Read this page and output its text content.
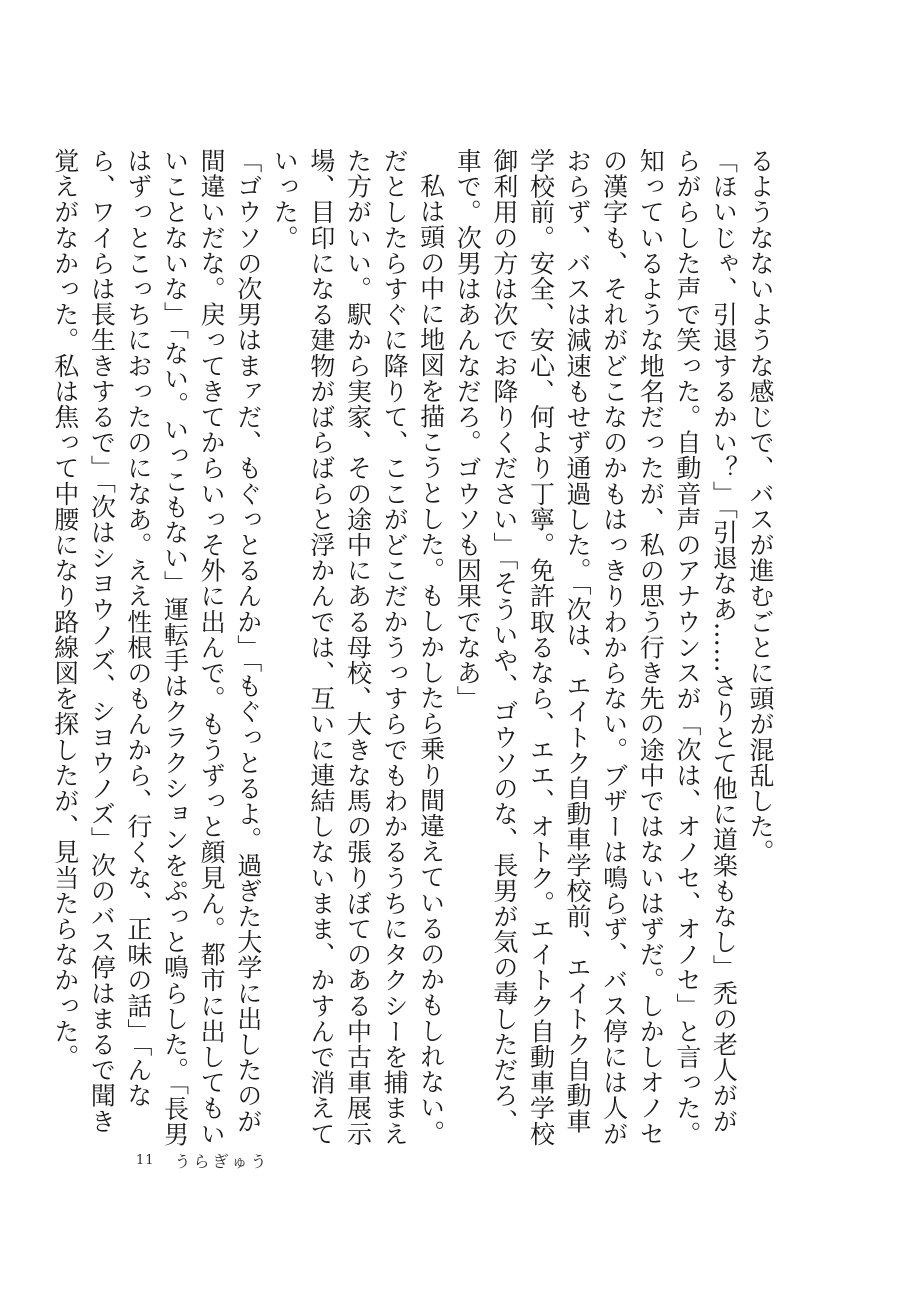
るようなないような感じで、バスが進むごとに頭が混乱した。

「ほいじゃ、引退するかい？」「引退なあ……さりとて他に道楽もなし」禿の老人ががらがらした声で笑った。自動音声のアナウンスが「次は、オノセ、オノセ」と言った。知っているような地名だったが、私の思う行き先の途中ではないはずだ。しかしオノセの漢字も、それがどこなのかもはっきりわからない。ブザーは鳴らず、バス停には人がおらず、バスは減速もせず通過した。「次は、エイトク自動車学校前、エイトク自動車学校前。安全、安心、何より丁寧。免許取るなら、エエ、オトク。エイトク自動車学校御利用の方は次でお降りください」「そういや、ゴウソのな、長男が気の毒しただろ、車で。次男はあんなだろ。ゴウソも因果でなあ」

私は頭の中に地図を描こうとした。もしかしたら乗り間違えているのかもしれない。だとしたらすぐに降りて、ここがどこだかうっすらでもわかるうちにタクシーを捕まえた方がいい。駅から実家、その途中にある母校、大きな馬の張りぼてのある中古車展示場、目印になる建物がばらばらと浮かんでは、互いに連結しないまま、かすんで消えていった。

「ゴウソの次男はまァだ、もぐっとるんか」「もぐっとるよ。過ぎた大学に出したのが間違いだな。戻ってきてからいっそ外に出んで。もうずっと顔見ん。都市に出してもいいことないな」「ない。いっこもない」運転手はクラクションをぷっと鳴らした。「長男はずっとこっちにおったのになあ。ええ性根のもんから、行くな、正味の話」「んなら、ワイらは長生きするで」「次はシヨウノズ、シヨウノズ」次のバス停はまるで聞き覚えがなかった。私は焦って中腰になり路線図を探したが、見当たらなかった。

11 うらぎゅう
